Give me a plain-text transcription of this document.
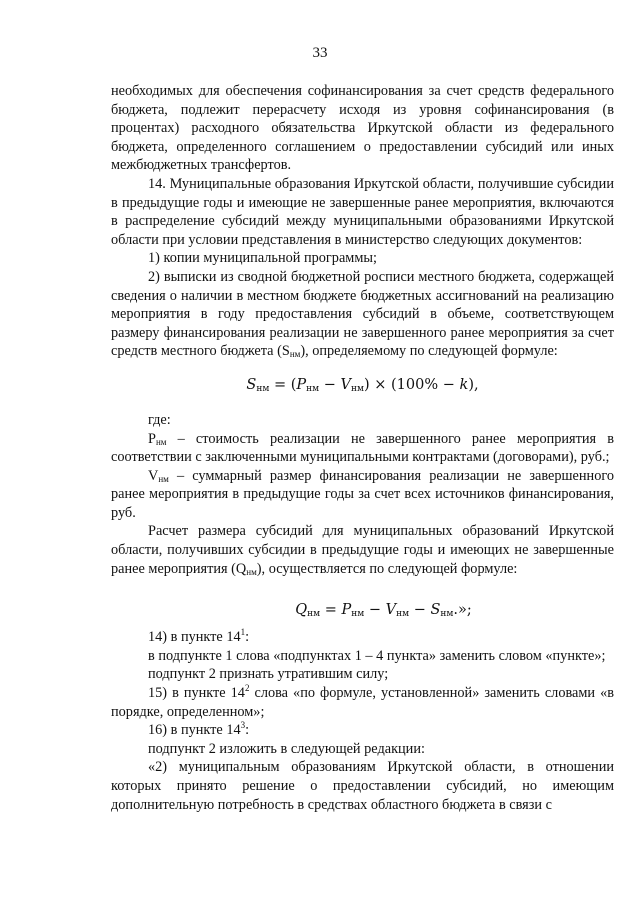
33

необходимых для обеспечения софинансирования за счет средств федерального бюджета, подлежит перерасчету исходя из уровня софинансирования (в процентах) расходного обязательства Иркутской области из федерального бюджета, определенного соглашением о предоставлении субсидий или иных межбюджетных трансфертов.

14. Муниципальные образования Иркутской области, получившие субсидии в предыдущие годы и имеющие не завершенные ранее мероприятия, включаются в распределение субсидий между муниципальными образованиями Иркутской области при условии представления в министерство следующих документов:

1) копии муниципальной программы;

2) выписки из сводной бюджетной росписи местного бюджета, содержащей сведения о наличии в местном бюджете бюджетных ассигнований на реализацию мероприятия в году предоставления субсидий в объеме, соответствующем размеру финансирования реализации не завершенного ранее мероприятия за счет средств местного бюджета $(S_{нм})$, определяемому по следующей формуле:

$S_{нм} = (P_{нм} - V_{нм}) \times (100\% - k)$,

где:

$P_{нм}$ – стоимость реализации не завершенного ранее мероприятия в соответствии с заключенными муниципальными контрактами (договорами), руб.;

$V_{нм}$ – суммарный размер финансирования реализации не завершенного ранее мероприятия в предыдущие годы за счет всех источников финансирования, руб.

Расчет размера субсидий для муниципальных образований Иркутской области, получивших субсидии в предыдущие годы и имеющих не завершенные ранее мероприятия $(Q_{нм})$, осуществляется по следующей формуле:

$Q_{нм} = P_{нм} - V_{нм} - S_{нм}$.»;

14) в пункте $14^1$:

в подпункте 1 слова «подпунктах 1 – 4 пункта» заменить словом «пункте»;

подпункт 2 признать утратившим силу;

15) в пункте $14^2$ слова «по формуле, установленной» заменить словами «в порядке, определенном»;

16) в пункте $14^3$:

подпункт 2 изложить в следующей редакции:

«2) муниципальным образованиям Иркутской области, в отношении которых принято решение о предоставлении субсидий, но имеющим дополнительную потребность в средствах областного бюджета в связи с
